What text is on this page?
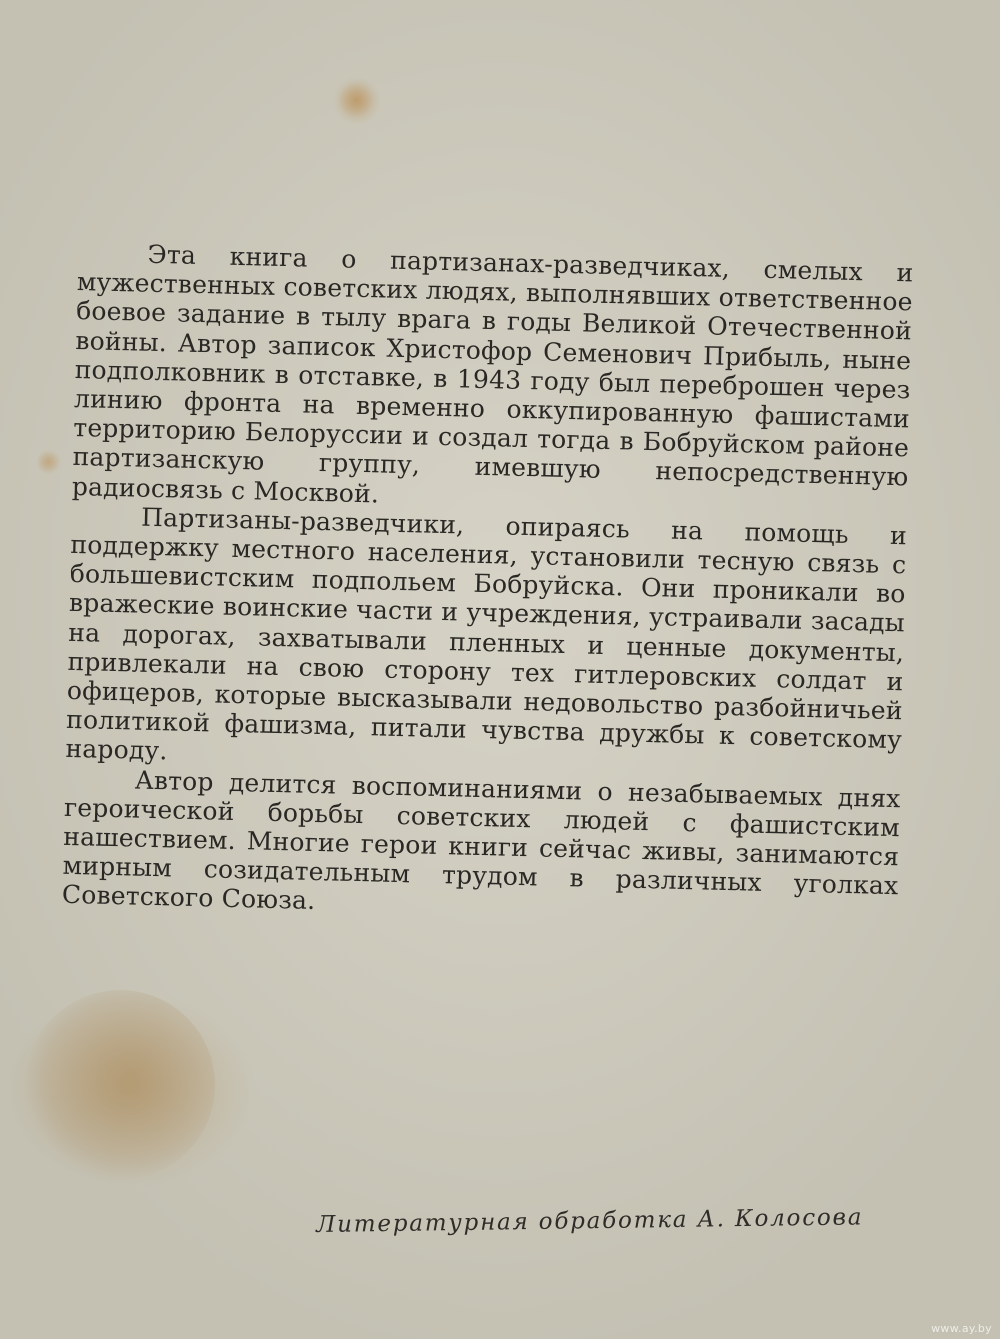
Эта книга о партизанах-разведчиках, смелых и мужественных советских людях, выполнявших ответственное боевое задание в тылу врага в годы Великой Отечественной войны. Автор записок Христофор Семенович Прибыль, ныне подполковник в отставке, в 1943 году был переброшен через линию фронта на временно оккупированную фашистами территорию Белоруссии и создал тогда в Бобруйском районе партизанскую группу, имевшую непосредственную радиосвязь с Москвой.

Партизаны-разведчики, опираясь на помощь и поддержку местного населения, установили тесную связь с большевистским подпольем Бобруйска. Они проникали во вражеские воинские части и учреждения, устраивали засады на дорогах, захватывали пленных и ценные документы, привлекали на свою сторону тех гитлеровских солдат и офицеров, которые высказывали недовольство разбойничьей политикой фашизма, питали чувства дружбы к советскому народу.

Автор делится воспоминаниями о незабываемых днях героической борьбы советских людей с фашистским нашествием. Многие герои книги сейчас живы, занимаются мирным созидательным трудом в различных уголках Советского Союза.

Литературная обработка А. Колосова
www.ay.by
